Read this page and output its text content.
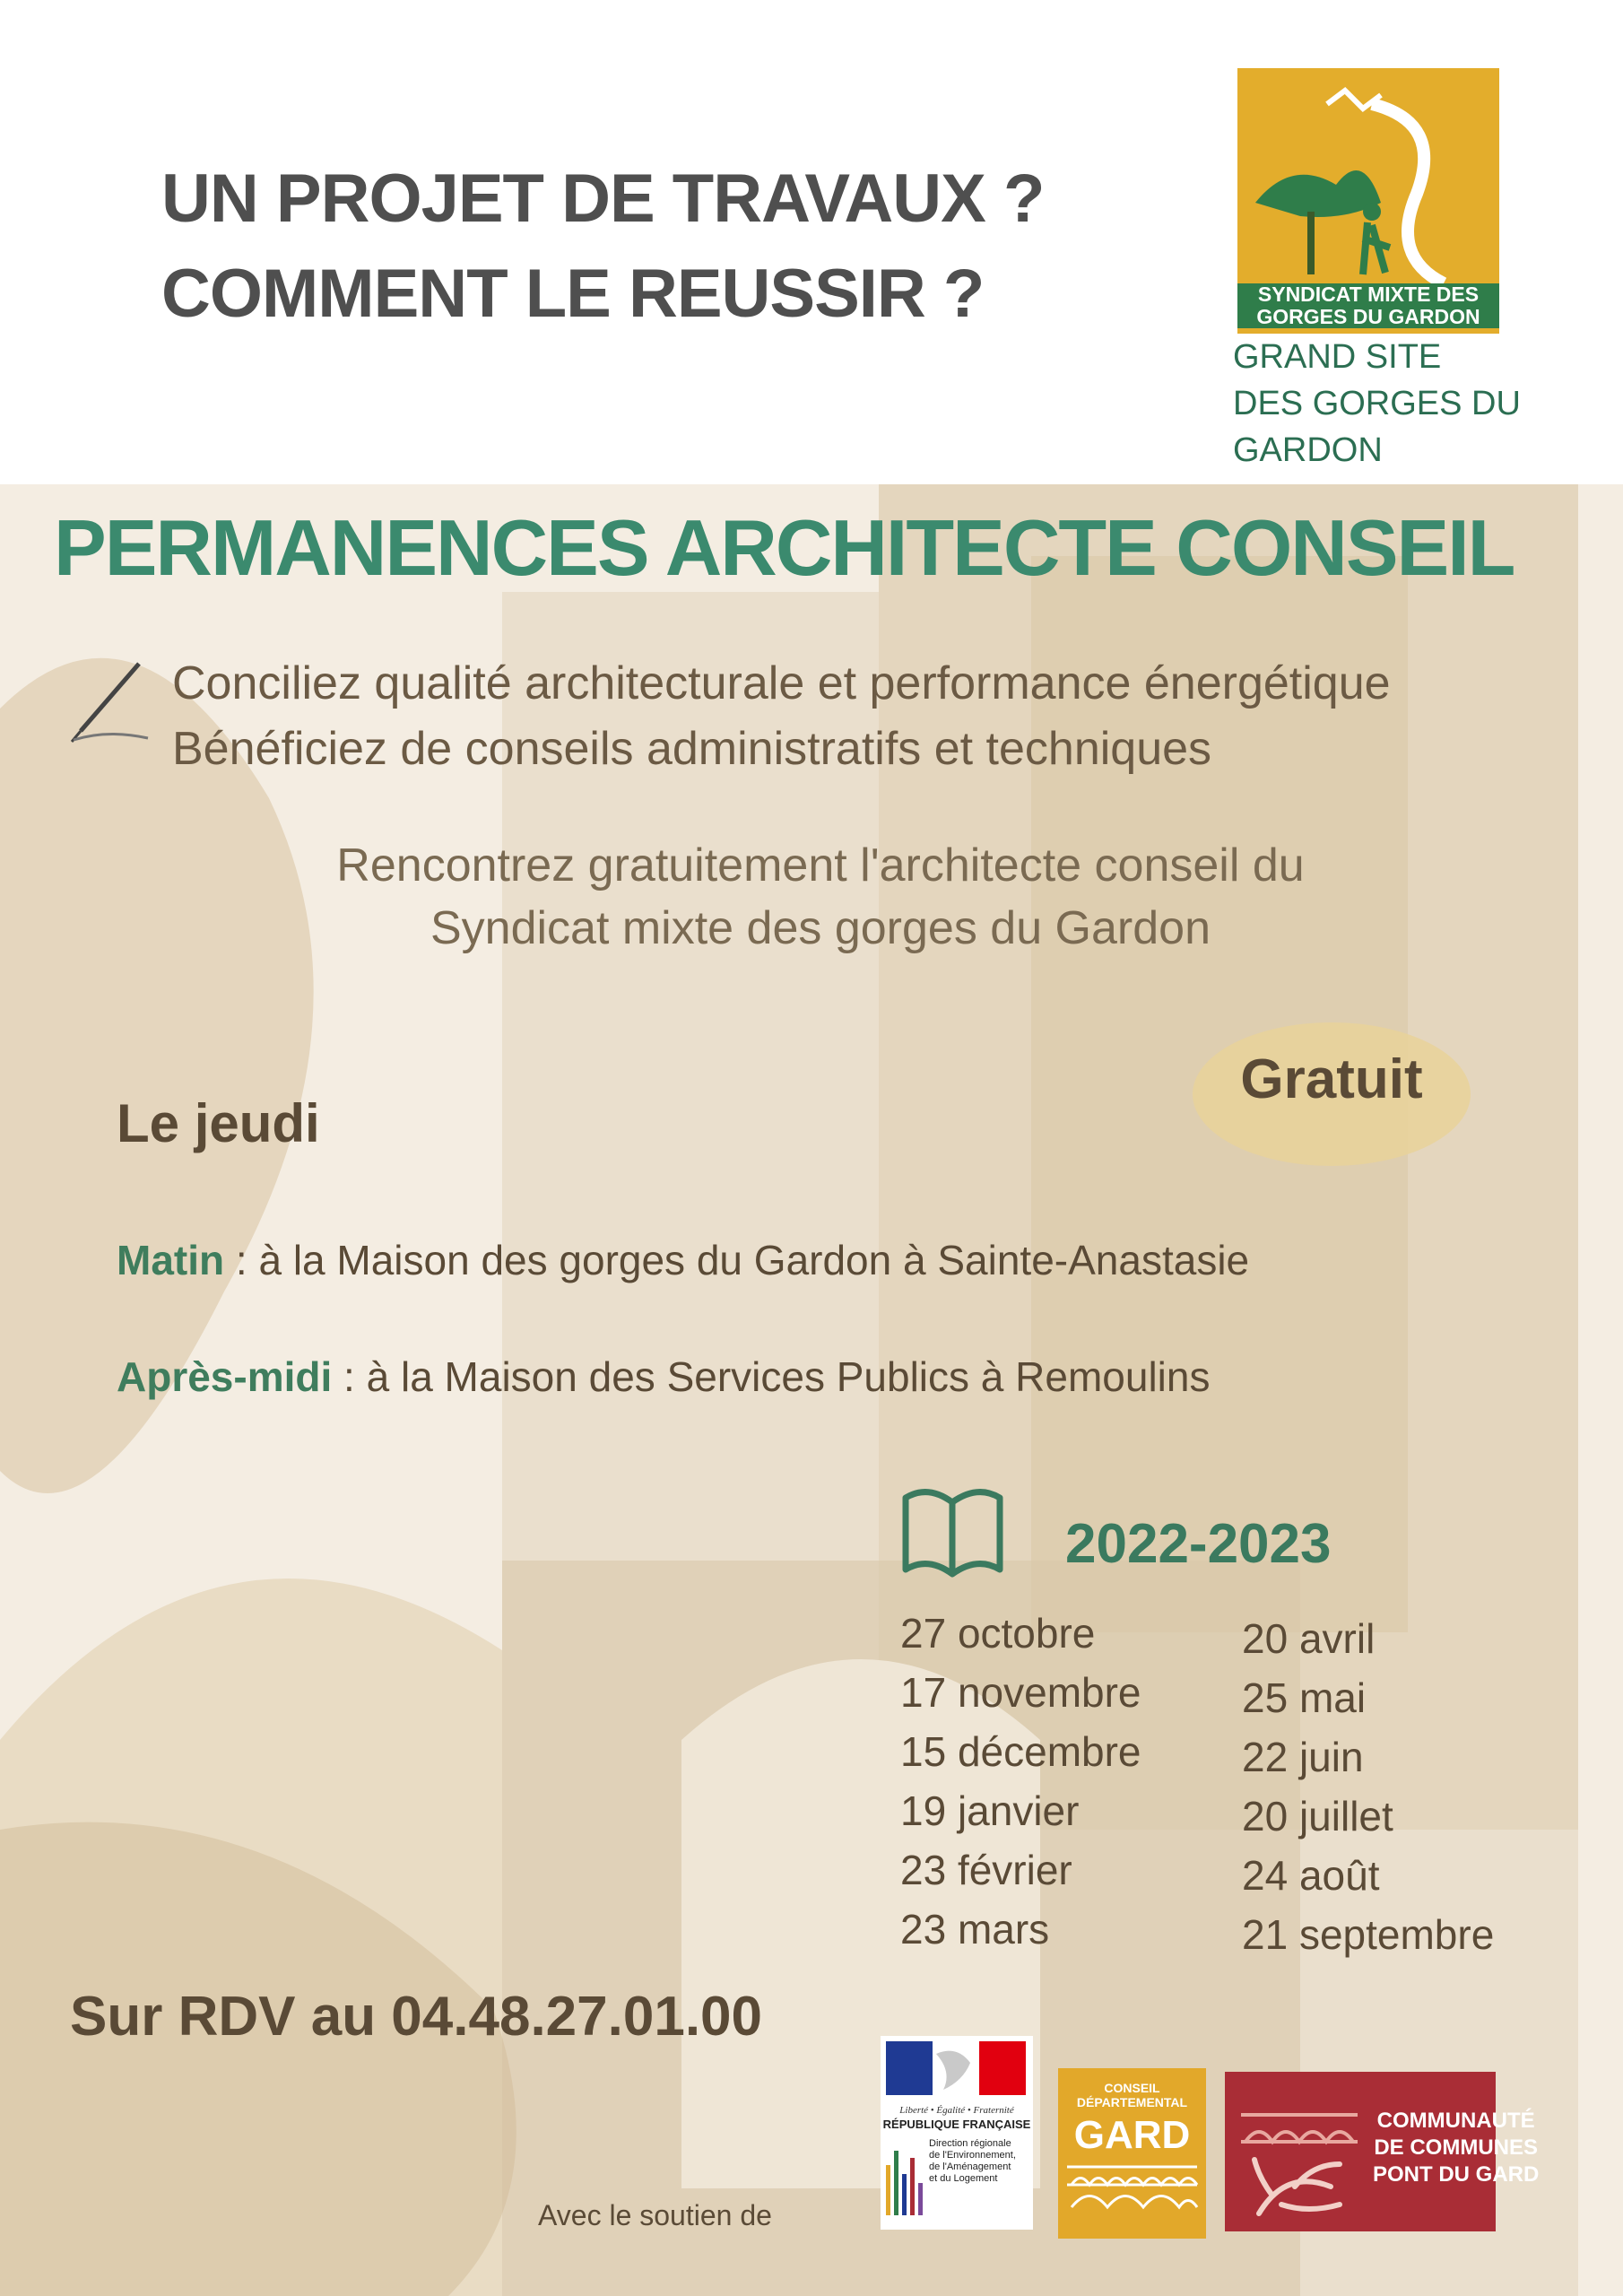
UN PROJET DE TRAVAUX ?
COMMENT LE REUSSIR ?	SYNDICAT MIXTE DES
GORGES DU GARDON
GRAND SITE
DES GORGES DU
GARDON
PERMANENCES ARCHITECTE CONSEIL
Conciliez qualité architecturale et performance énergétique
Bénéficiez de conseils administratifs et techniques
Rencontrez gratuitement l'architecte conseil du
Syndicat mixte des gorges du Gardon
Gratuit
Le jeudi
Matin : à la Maison des gorges du Gardon à Sainte-Anastasie
Après-midi : à la Maison des Services Publics à Remoulins
2022-2023
27 octobre
17 novembre
15 décembre
19 janvier
23 février
23 mars
20 avril
25 mai
22 juin
20 juillet
24 août
21 septembre
Sur RDV au 04.48.27.01.00
Avec le soutien de
Liberté • Égalité • Fraternité
RÉPUBLIQUE FRANÇAISE
Direction régionale
de l'Environnement,
de l'Aménagement
et du Logement
CONSEIL
DÉPARTEMENTAL
GARD	COMMUNAUTÉ
DE COMMUNES
PONT DU GARD
